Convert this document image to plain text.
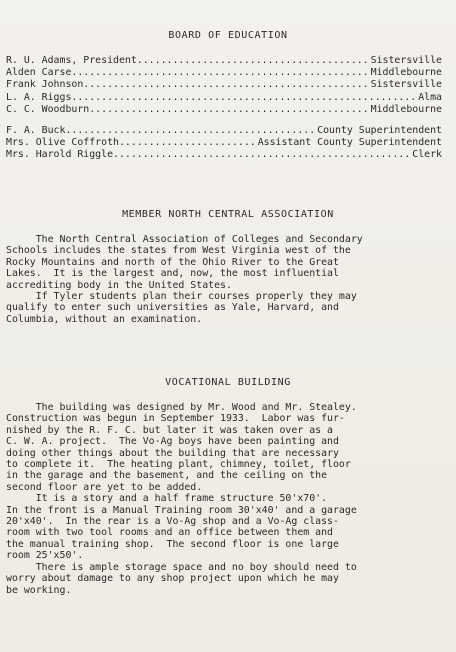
BOARD OF EDUCATION
R. U. Adams, President .....	Sistersville
Alden Carse .....	Middlebourne
Frank Johnson .....	Sistersville
L. A. Riggs .....	Alma
C. C. Woodburn .....	Middlebourne
F. A. Buck .....	County Superintendent
Mrs. Olive Coffroth .....	Assistant County Superintendent
Mrs. Harold Riggle .....	Clerk
MEMBER NORTH CENTRAL ASSOCIATION

The North Central Association of Colleges and Secondary

Schools includes the states from West Virginia west of the

Rocky Mountains and north of the Ohio River to the Great

Lakes.  It is the largest and, now, the most influential

accrediting body in the United States.

If Tyler students plan their courses properly they may

qualify to enter such universities as Yale, Harvard, and

Columbia, without an examination.

VOCATIONAL BUILDING

The building was designed by Mr. Wood and Mr. Stealey.

Construction was begun in September 1933.  Labor was fur-

nished by the R. F. C. but later it was taken over as a

C. W. A. project.  The Vo-Ag boys have been painting and

doing other things about the building that are necessary

to complete it.  The heating plant, chimney, toilet, floor

in the garage and the basement, and the ceiling on the

second floor are yet to be added.

It is a story and a half frame structure 50'x70'.

In the front is a Manual Training room 30'x40' and a garage

20'x40'.  In the rear is a Vo-Ag shop and a Vo-Ag class-

room with two tool rooms and an office between them and

the manual training shop.  The second floor is one large

room 25'x50'.

There is ample storage space and no boy should need to

worry about damage to any shop project upon which he may

be working.
